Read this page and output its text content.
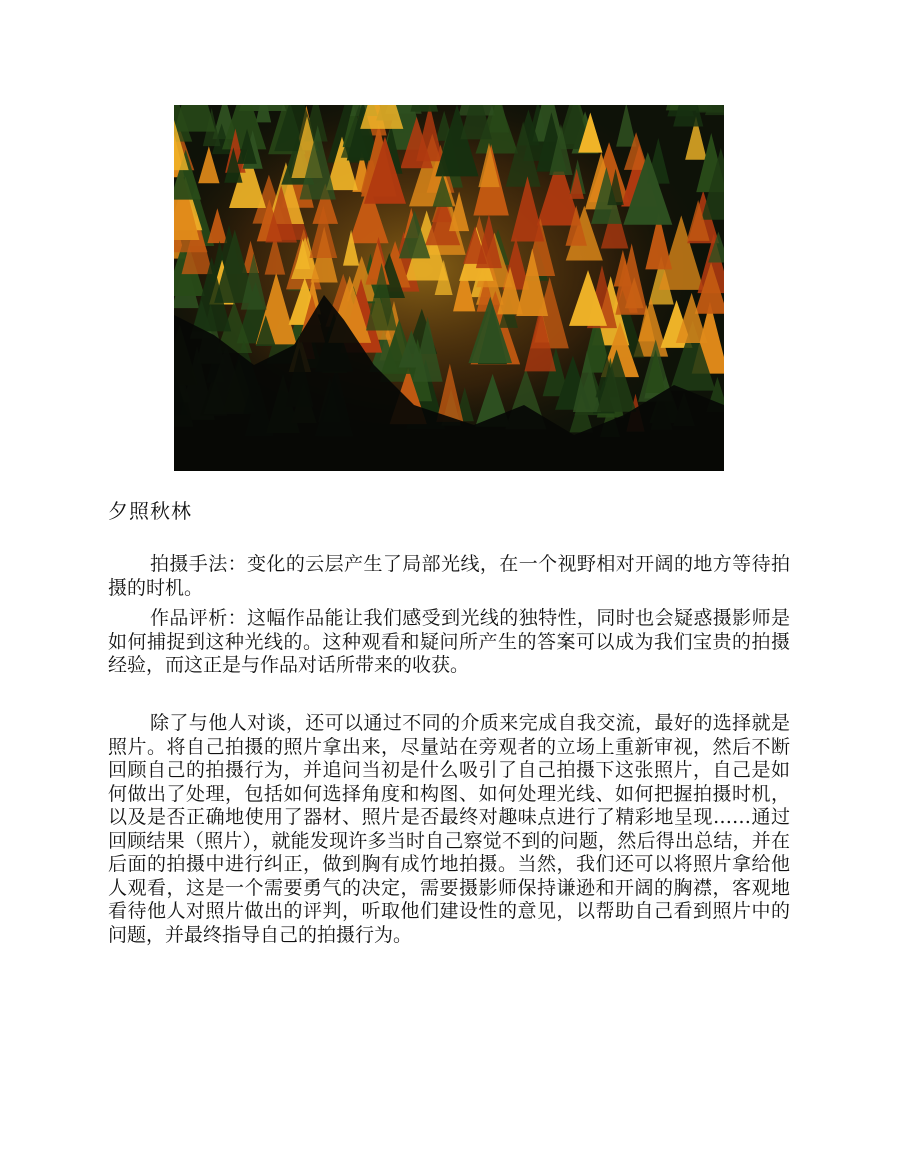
夕照秋林

拍摄手法：变化的云层产生了局部光线，在一个视野相对开阔的地方等待拍摄的时机。

作品评析：这幅作品能让我们感受到光线的独特性，同时也会疑惑摄影师是如何捕捉到这种光线的。这种观看和疑问所产生的答案可以成为我们宝贵的拍摄经验，而这正是与作品对话所带来的收获。

除了与他人对谈，还可以通过不同的介质来完成自我交流，最好的选择就是照片。将自己拍摄的照片拿出来，尽量站在旁观者的立场上重新审视，然后不断回顾自己的拍摄行为，并追问当初是什么吸引了自己拍摄下这张照片，自己是如何做出了处理，包括如何选择角度和构图、如何处理光线、如何把握拍摄时机，以及是否正确地使用了器材、照片是否最终对趣味点进行了精彩地呈现……通过回顾结果（照片），就能发现许多当时自己察觉不到的问题，然后得出总结，并在后面的拍摄中进行纠正，做到胸有成竹地拍摄。当然，我们还可以将照片拿给他人观看，这是一个需要勇气的决定，需要摄影师保持谦逊和开阔的胸襟，客观地看待他人对照片做出的评判，听取他们建设性的意见，以帮助自己看到照片中的问题，并最终指导自己的拍摄行为。
